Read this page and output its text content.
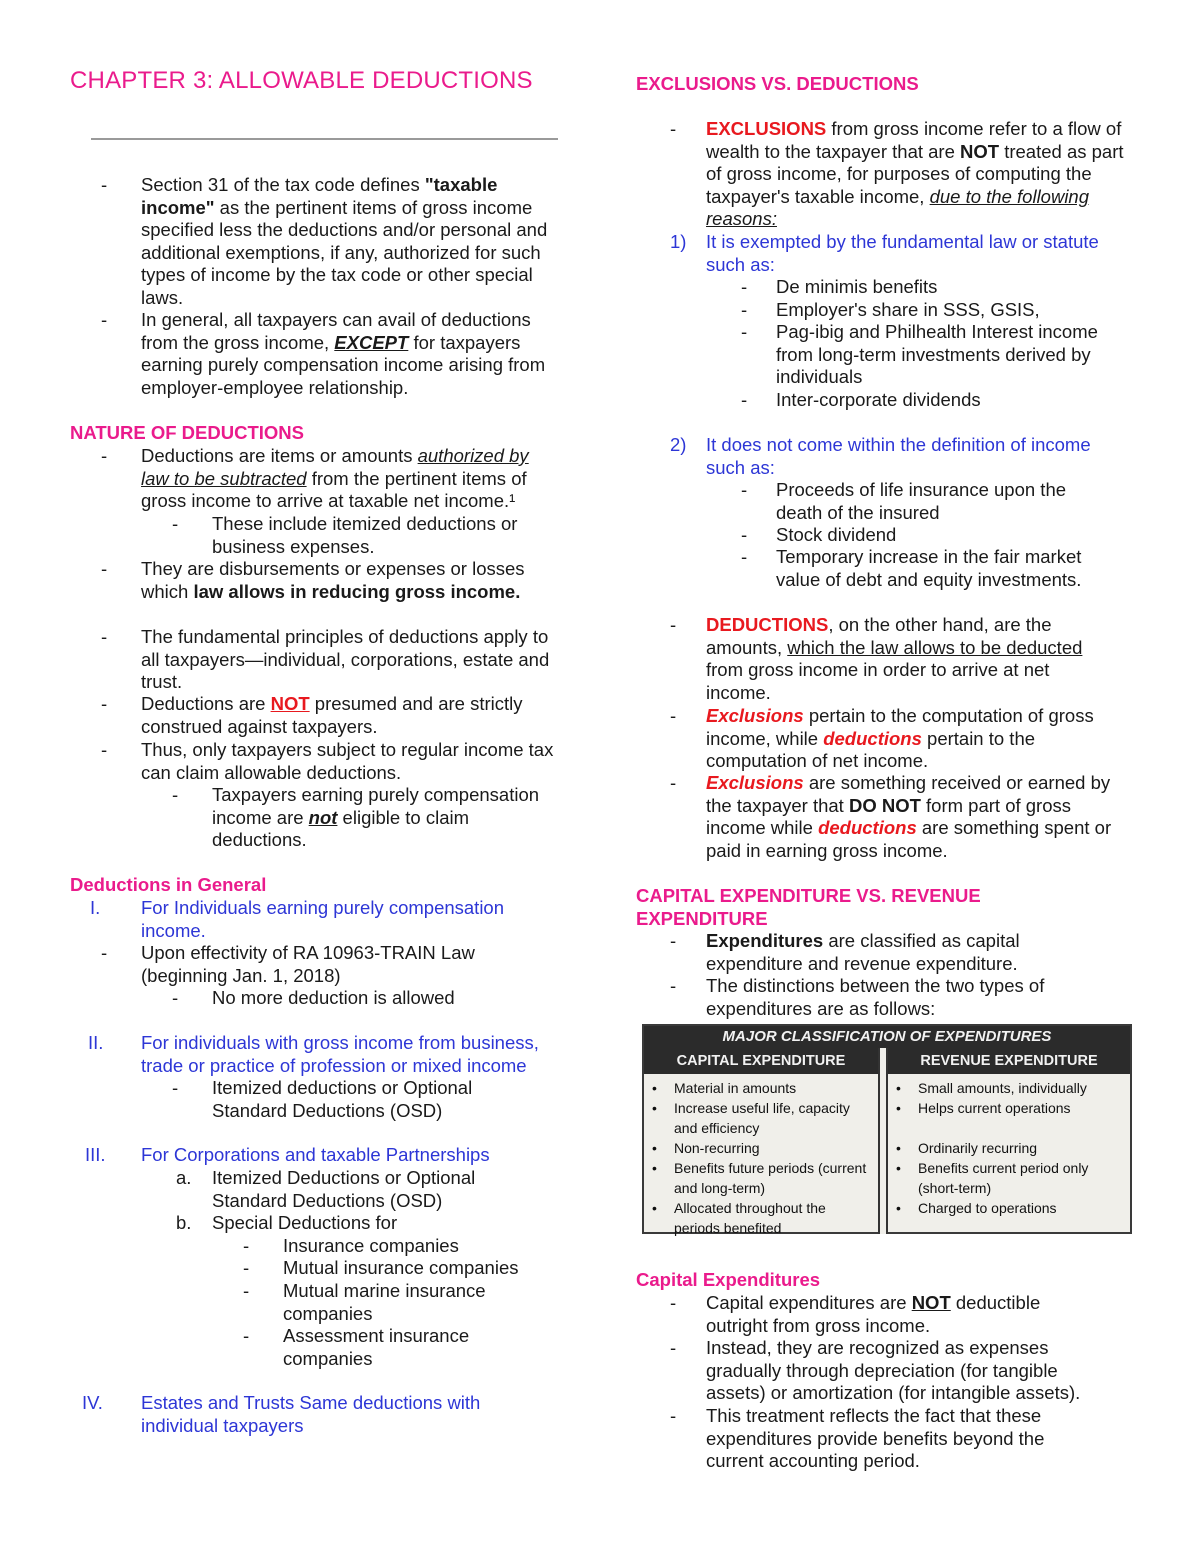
CHAPTER 3: ALLOWABLE DEDUCTIONS
- Section 31 of the tax code defines "taxable income" as the pertinent items of gross income specified less the deductions and/or personal and additional exemptions, if any, authorized for such types of income by the tax code or other special laws.
- In general, all taxpayers can avail of deductions from the gross income, EXCEPT for taxpayers earning purely compensation income arising from employer-employee relationship.
NATURE OF DEDUCTIONS
- Deductions are items or amounts authorized by law to be subtracted from the pertinent items of gross income to arrive at taxable net income.¹
- These include itemized deductions or business expenses.
- They are disbursements or expenses or losses which law allows in reducing gross income.
- The fundamental principles of deductions apply to all taxpayers—individual, corporations, estate and trust.
- Deductions are NOT presumed and are strictly construed against taxpayers.
- Thus, only taxpayers subject to regular income tax can claim allowable deductions.
- Taxpayers earning purely compensation income are not eligible to claim deductions.
Deductions in General
I. For Individuals earning purely compensation income.
- Upon effectivity of RA 10963-TRAIN Law (beginning Jan. 1, 2018)
- No more deduction is allowed
II. For individuals with gross income from business, trade or practice of profession or mixed income
- Itemized deductions or Optional Standard Deductions (OSD)
III. For Corporations and taxable Partnerships
a. Itemized Deductions or Optional Standard Deductions (OSD)
b. Special Deductions for
- Insurance companies
- Mutual insurance companies
- Mutual marine insurance companies
- Assessment insurance companies
IV. Estates and Trusts Same deductions with individual taxpayers
EXCLUSIONS VS. DEDUCTIONS
- EXCLUSIONS from gross income refer to a flow of wealth to the taxpayer that are NOT treated as part of gross income, for purposes of computing the taxpayer's taxable income, due to the following reasons:
1) It is exempted by the fundamental law or statute such as:
- De minimis benefits
- Employer's share in SSS, GSIS,
- Pag-ibig and Philhealth Interest income from long-term investments derived by individuals
- Inter-corporate dividends
2) It does not come within the definition of income such as:
- Proceeds of life insurance upon the death of the insured
- Stock dividend
- Temporary increase in the fair market value of debt and equity investments.
- DEDUCTIONS, on the other hand, are the amounts, which the law allows to be deducted from gross income in order to arrive at net income.
- Exclusions pertain to the computation of gross income, while deductions pertain to the computation of net income.
- Exclusions are something received or earned by the taxpayer that DO NOT form part of gross income while deductions are something spent or paid in earning gross income.
CAPITAL EXPENDITURE VS. REVENUE EXPENDITURE
- Expenditures are classified as capital expenditure and revenue expenditure.
- The distinctions between the two types of expenditures are as follows:
MAJOR CLASSIFICATION OF EXPENDITURES
CAPITAL EXPENDITURE	REVENUE EXPENDITURE
• Material in amounts
• Increase useful life, capacity and efficiency
• Non-recurring
• Benefits future periods (current and long-term)
• Allocated throughout the periods benefited
• Small amounts, individually
• Helps current operations
• Ordinarily recurring
• Benefits current period only (short-term)
• Charged to operations
Capital Expenditures
- Capital expenditures are NOT deductible outright from gross income.
- Instead, they are recognized as expenses gradually through depreciation (for tangible assets) or amortization (for intangible assets).
- This treatment reflects the fact that these expenditures provide benefits beyond the current accounting period.
